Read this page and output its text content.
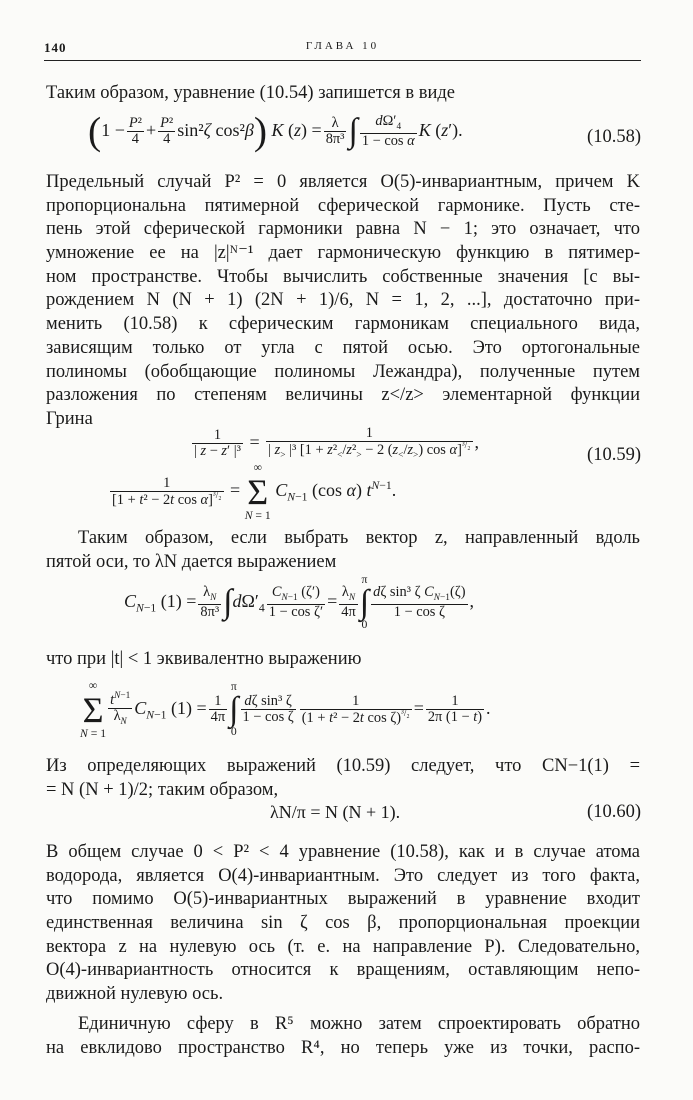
140	ГЛАВА 10
Таким образом, уравнение (10.54) запишется в виде
($1 - \frac{\text{P²}}{4} + \frac{\text{P²}}{4} \sin^2\zeta$ cos²β) K $(z) = \frac{\lambda}{\text{8π³}}$ ∫ $\frac{d\Omega'_4}{\text{1 − cos α}}$ K (z′).	(10.58)
Предельный случай P² = 0 является O(5)-инвариантным, причем K
пропорциональна пятимерной сферической гармонике. Пусть сте-
пень этой сферической гармоники равна N − 1; это означает, что
умножение ее на |z|ᴺ⁻¹ дает гармоническую функцию в пятимер-
ном пространстве. Чтобы вычислить собственные значения [с вы-
рождением N (N + 1) (2N + 1)/6, N = 1, 2, ...], достаточно при-
менить (10.58) к сферическим гармоникам специального вида,
зависящим только от угла с пятой осью. Это ортогональные
полиномы (обобщающие полиномы Лежандра), полученные путем
разложения по степеням величины z</z> элементарной функции
Грина
$\frac{1}{\text{| z − z′ |³}} = \frac{1}{| z_> |^3 [1 + z^2_</z^2_> - 2 (z_</z_>) \cos \alpha]^{^3/_2}}$ ,
$\frac{1}{[1 + t^2 - 2t \cos \alpha]^{^3/_2}}$ =
∞
Σ
N = 1
$C_{N-1}$ (cos α) $t^{N-1}$.
(10.59)
Таким образом, если выбрать вектор z, направленный вдоль
пятой оси, то λN дается выражением
$C_{N-1}$ $(1) = \frac{\lambda_N}{\text{8π³}} \int d\Omega'_4 \frac{C_{N-1} (\zeta')}{\text{1 − cos ζ′}} = \frac{\lambda_N}{4\pi}$
π
∫
0
$\frac{d\zeta \sin^3 \zeta C_{N-1}(\zeta)}{\text{1 − cos ζ}}$ ,
что при |t| < 1 эквивалентно выражению
∞
Σ
N = 1
$\frac{t^{N-1}}{\lambda_N} C_{N-1}$ $(1) = \frac{1}{4\pi}$
π
∫
0
$\frac{\text{dζ sin³ ζ}}{\text{1 − cos ζ}} \frac{1}{(1 + t^2 - 2t \cos \zeta)^{^3/_2}} = \frac{1}{2\pi (1 - t)}$ .
Из определяющих выражений (10.59) следует, что CN−1(1) =
= N (N + 1)/2; таким образом,
λN/π = N (N + 1).	(10.60)
В общем случае 0 < P² < 4 уравнение (10.58), как и в случае атома
водорода, является O(4)-инвариантным. Это следует из того факта,
что помимо O(5)-инвариантных выражений в уравнение входит
единственная величина sin ζ cos β, пропорциональная проекции
вектора z на нулевую ось (т. е. на направление P). Следовательно,
O(4)-инвариантность относится к вращениям, оставляющим непо-
движной нулевую ось.
Единичную сферу в R⁵ можно затем спроектировать обратно
на евклидово пространство R⁴, но теперь уже из точки, распо-
